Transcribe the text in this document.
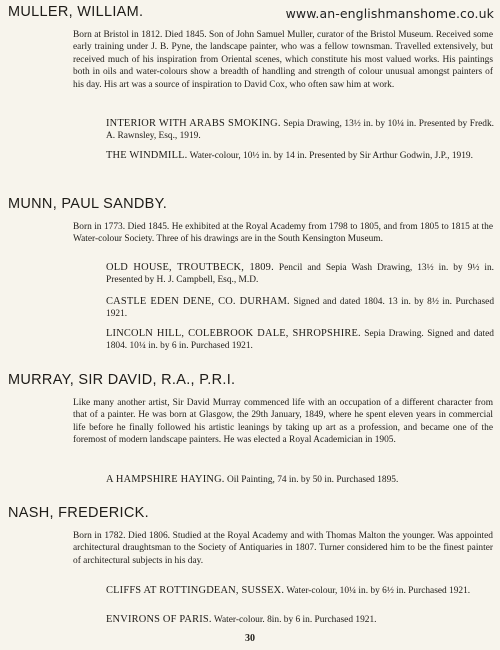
www.an-englishmanshome.co.uk
MULLER, WILLIAM.

Born at Bristol in 1812. Died 1845. Son of John Samuel Muller, curator of the Bristol Museum. Received some early training under J. B. Pyne, the landscape painter, who was a fellow townsman. Travelled extensively, but received much of his inspiration from Oriental scenes, which constitute his most valued works. His paintings both in oils and water-colours show a breadth of handling and strength of colour unusual amongst painters of his day. His art was a source of inspiration to David Cox, who often saw him at work.

INTERIOR WITH ARABS SMOKING. Sepia Drawing, 13½ in. by 10¼ in. Presented by Fredk. A. Rawnsley, Esq., 1919.

THE WINDMILL. Water-colour, 10½ in. by 14 in. Presented by Sir Arthur Godwin, J.P., 1919.

MUNN, PAUL SANDBY.

Born in 1773. Died 1845. He exhibited at the Royal Academy from 1798 to 1805, and from 1805 to 1815 at the Water-colour Society. Three of his drawings are in the South Kensington Museum.

OLD HOUSE, TROUTBECK, 1809. Pencil and Sepia Wash Drawing, 13½ in. by 9½ in. Presented by H. J. Campbell, Esq., M.D.

CASTLE EDEN DENE, CO. DURHAM. Signed and dated 1804. 13 in. by 8½ in. Purchased 1921.

LINCOLN HILL, COLEBROOK DALE, SHROPSHIRE. Sepia Drawing. Signed and dated 1804. 10¼ in. by 6 in. Purchased 1921.

MURRAY, SIR DAVID, R.A., P.R.I.

Like many another artist, Sir David Murray commenced life with an occupation of a different character from that of a painter. He was born at Glasgow, the 29th January, 1849, where he spent eleven years in commercial life before he finally followed his artistic leanings by taking up art as a profession, and became one of the foremost of modern landscape painters. He was elected a Royal Academician in 1905.

A HAMPSHIRE HAYING. Oil Painting, 74 in. by 50 in. Purchased 1895.

NASH, FREDERICK.

Born in 1782. Died 1806. Studied at the Royal Academy and with Thomas Malton the younger. Was appointed architectural draughtsman to the Society of Antiquaries in 1807. Turner considered him to be the finest painter of architectural subjects in his day.

CLIFFS AT ROTTINGDEAN, SUSSEX. Water-colour, 10¼ in. by 6½ in. Purchased 1921.

ENVIRONS OF PARIS. Water-colour. 8in. by 6 in. Purchased 1921.

30
